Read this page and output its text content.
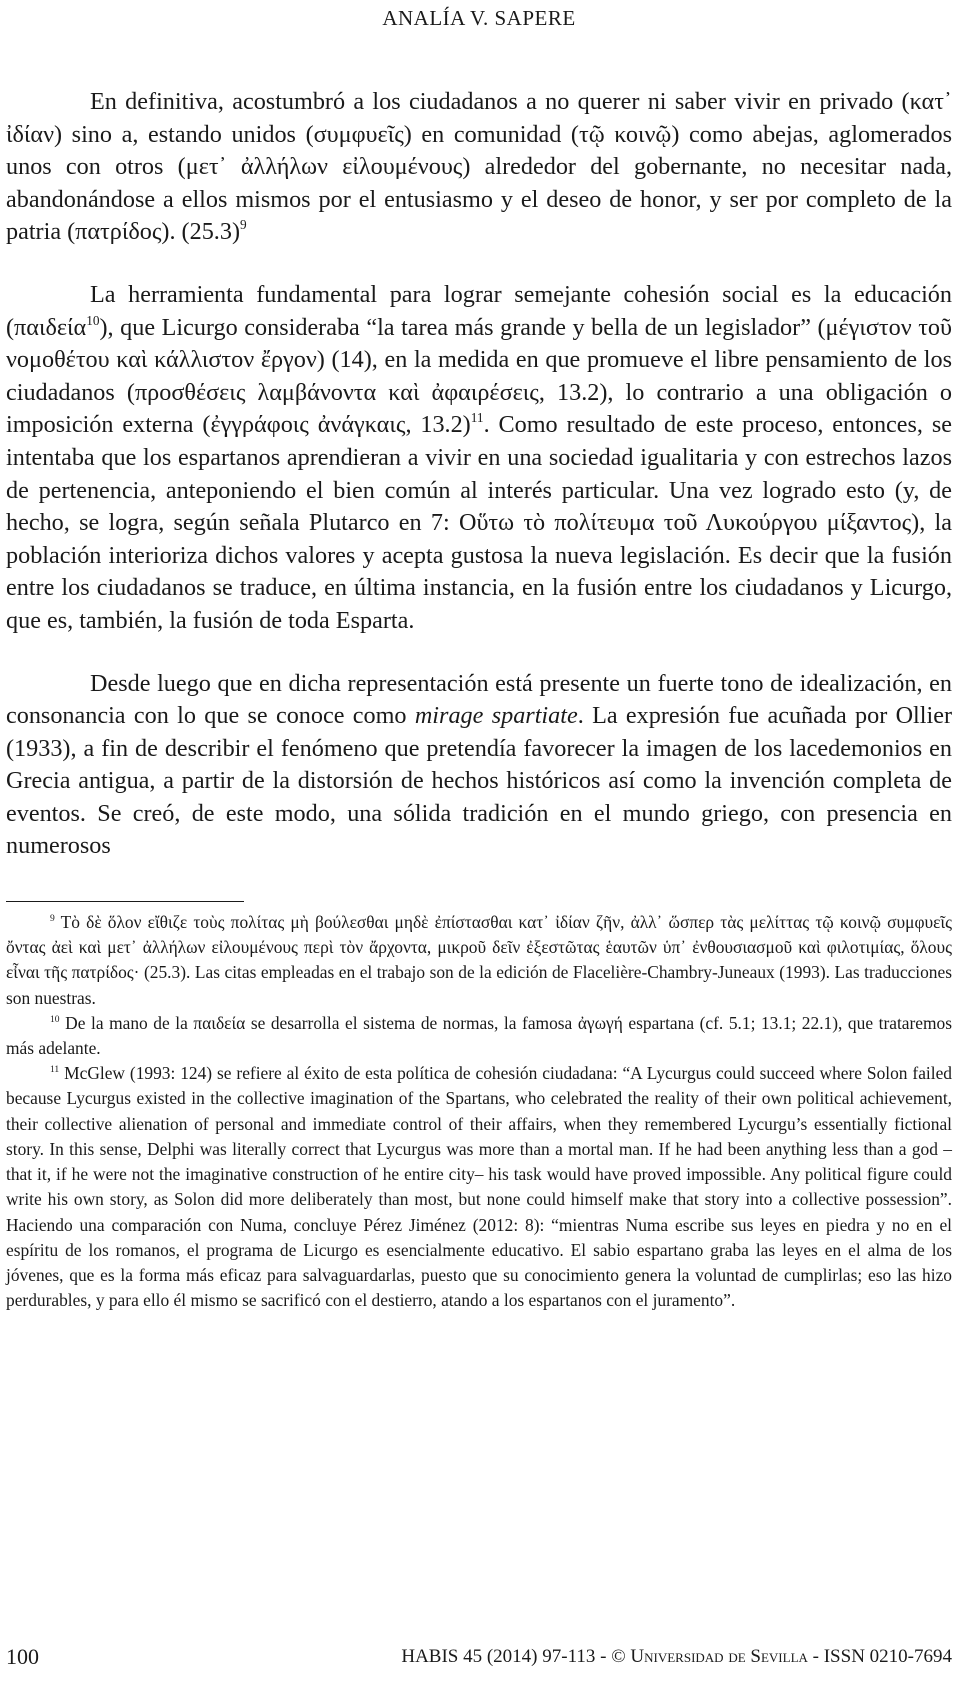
ANALÍA V. SAPERE

En definitiva, acostumbró a los ciudadanos a no querer ni saber vivir en privado (κατ᾽ ἰδίαν) sino a, estando unidos (συμφυεῖς) en comunidad (τῷ κοινῷ) como abejas, aglomerados unos con otros (μετ᾽ ἀλλήλων εἰλουμένους) alrededor del gobernante, no necesitar nada, abandonándose a ellos mismos por el entusiasmo y el deseo de honor, y ser por completo de la patria (πατρίδος). $(25.3)^9$

La herramienta fundamental para lograr semejante cohesión social es la educación (παιδεία$^{10}$), que Licurgo consideraba “la tarea más grande y bella de un legislador” (μέγιστον τοῦ νομοθέτου καὶ κάλλιστον ἔργον) (14), en la medida en que promueve el libre pensamiento de los ciudadanos (προσθέσεις λαμβάνοντα καὶ ἀφαιρέσεις, 13.2), lo contrario a una obligación o imposición externa (ἐγγράφοις ἀνάγκαις, 13.2)$^{11}$. Como resultado de este proceso, entonces, se intentaba que los espartanos aprendieran a vivir en una sociedad igualitaria y con estrechos lazos de pertenencia, anteponiendo el bien común al interés particular. Una vez logrado esto (y, de hecho, se logra, según señala Plutarco en 7: Οὕτω τὸ πολίτευμα τοῦ Λυκούργου μίξαντος), la población interioriza dichos valores y acepta gustosa la nueva legislación. Es decir que la fusión entre los ciudadanos se traduce, en última instancia, en la fusión entre los ciudadanos y Licurgo, que es, también, la fusión de toda Esparta.

Desde luego que en dicha representación está presente un fuerte tono de idealización, en consonancia con lo que se conoce como mirage spartiate. La expresión fue acuñada por Ollier (1933), a fin de describir el fenómeno que pretendía favorecer la imagen de los lacedemonios en Grecia antigua, a partir de la distorsión de hechos históricos así como la invención completa de eventos. Se creó, de este modo, una sólida tradición en el mundo griego, con presencia en numerosos

$^9$ Τὸ δὲ ὅλον εἴθιζε τοὺς πολίτας μὴ βούλεσθαι μηδὲ ἐπίστασθαι κατ᾽ ἰδίαν ζῆν, ἀλλ᾽ ὥσπερ τὰς μελίττας τῷ κοινῷ συμφυεῖς ὄντας ἀεὶ καὶ μετ᾽ ἀλλήλων εἰλουμένους περὶ τὸν ἄρχοντα, μικροῦ δεῖν ἐξεστῶτας ἑαυτῶν ὑπ᾽ ἐνθουσιασμοῦ καὶ φιλοτιμίας, ὅλους εἶναι τῆς πατρίδος· (25.3). Las citas empleadas en el trabajo son de la edición de Flacelière-Chambry-Juneaux (1993). Las traducciones son nuestras.

$^{10}$ De la mano de la παιδεία se desarrolla el sistema de normas, la famosa ἀγωγή espartana (cf. 5.1; 13.1; 22.1), que trataremos más adelante.

$^{11}$ McGlew (1993: 124) se refiere al éxito de esta política de cohesión ciudadana: “A Lycurgus could succeed where Solon failed because Lycurgus existed in the collective imagination of the Spartans, who celebrated the reality of their own political achievement, their collective alienation of personal and immediate control of their affairs, when they remembered Lycurgu’s essentially fictional story. In this sense, Delphi was literally correct that Lycurgus was more than a mortal man. If he had been anything less than a god –that it, if he were not the imaginative construction of he entire city– his task would have proved impossible. Any political figure could write his own story, as Solon did more deliberately than most, but none could himself make that story into a collective possession”. Haciendo una comparación con Numa, concluye Pérez Jiménez (2012: 8): “mientras Numa escribe sus leyes en piedra y no en el espíritu de los romanos, el programa de Licurgo es esencialmente educativo. El sabio espartano graba las leyes en el alma de los jóvenes, que es la forma más eficaz para salvaguardarlas, puesto que su conocimiento genera la voluntad de cumplirlas; eso las hizo perdurables, y para ello él mismo se sacrificó con el destierro, atando a los espartanos con el juramento”.

100	HABIS 45 (2014) 97-113 - © Universidad de Sevilla - ISSN 0210-7694
